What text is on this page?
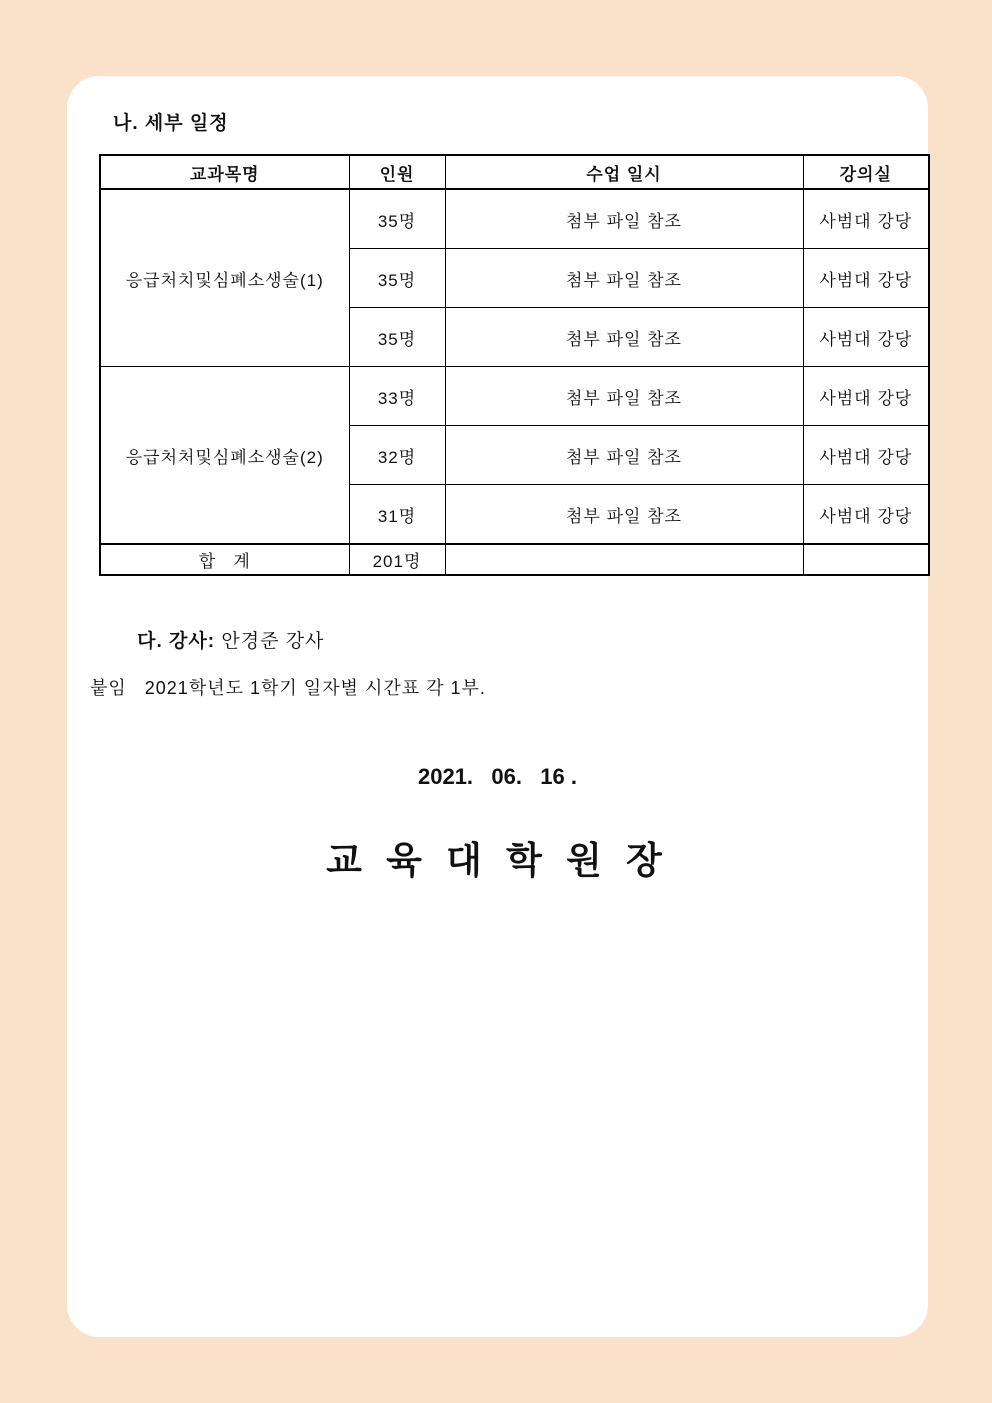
나. 세부 일정
교과목명	인원	수업 일시	강의실
응급처치및심폐소생술(1)	35명	첨부 파일 참조	사범대 강당
	35명	첨부 파일 참조	사범대 강당
	35명	첨부 파일 참조	사범대 강당
응급처처및심폐소생술(2)	33명	첨부 파일 참조	사범대 강당
	32명	첨부 파일 참조	사범대 강당
	31명	첨부 파일 참조	사범대 강당
합   계	201명		

다. 강사: 안경준 강사

붙임   2021학년도 1학기 일자별 시간표 각 1부.
2021.   06.   16 .
교 육 대 학 원 장
